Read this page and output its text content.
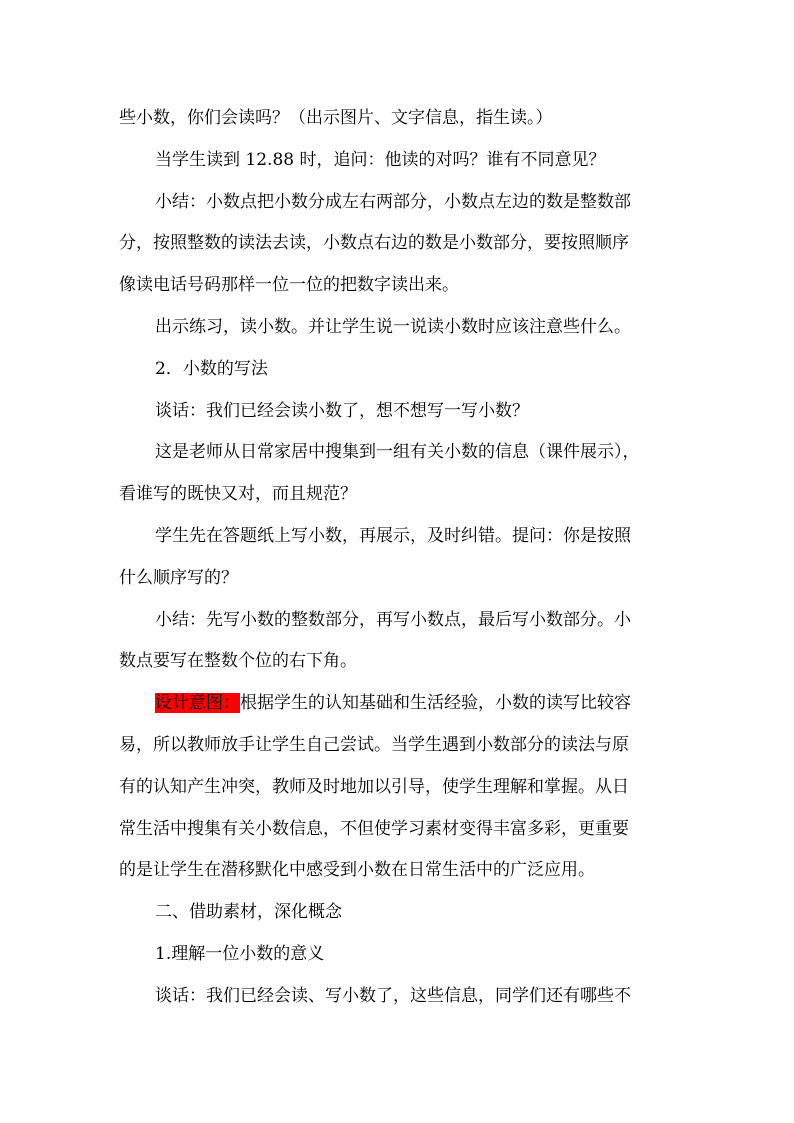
些小数，你们会读吗？（出示图片、文字信息，指生读。）
当学生读到 12.88 时，追问：他读的对吗？谁有不同意见？
小结：小数点把小数分成左右两部分，小数点左边的数是整数部
分，按照整数的读法去读，小数点右边的数是小数部分，要按照顺序
像读电话号码那样一位一位的把数字读出来。
出示练习，读小数。并让学生说一说读小数时应该注意些什么。
2．小数的写法
谈话：我们已经会读小数了，想不想写一写小数？
这是老师从日常家居中搜集到一组有关小数的信息（课件展示），
看谁写的既快又对，而且规范？
学生先在答题纸上写小数，再展示，及时纠错。提问：你是按照
什么顺序写的？
小结：先写小数的整数部分，再写小数点，最后写小数部分。小
数点要写在整数个位的右下角。
设计意图：根据学生的认知基础和生活经验，小数的读写比较容
易，所以教师放手让学生自己尝试。当学生遇到小数部分的读法与原
有的认知产生冲突，教师及时地加以引导，使学生理解和掌握。从日
常生活中搜集有关小数信息，不但使学习素材变得丰富多彩，更重要
的是让学生在潜移默化中感受到小数在日常生活中的广泛应用。
二、借助素材，深化概念
1.理解一位小数的意义
谈话：我们已经会读、写小数了，这些信息，同学们还有哪些不
